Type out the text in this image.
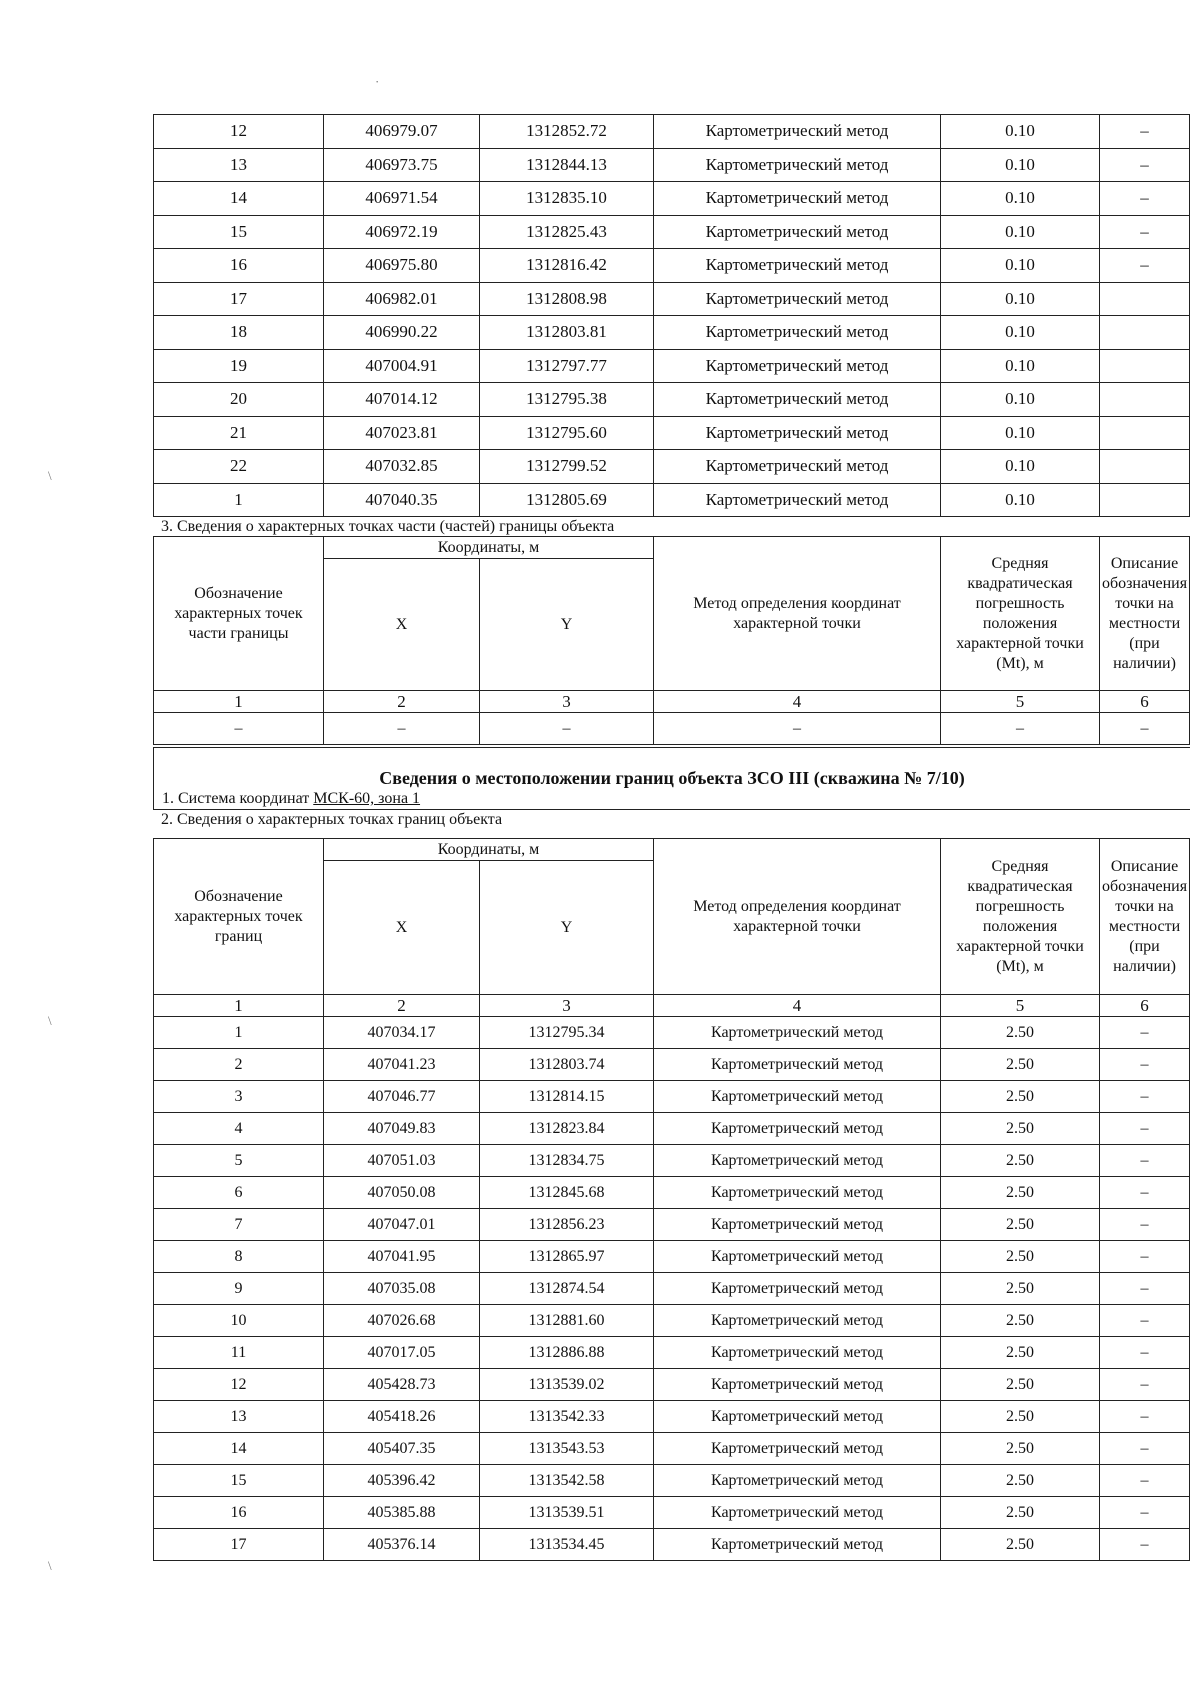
·
\
\
\
12	406979.07	1312852.72	Картометрический метод	0.10	–
13	406973.75	1312844.13	Картометрический метод	0.10	–
14	406971.54	1312835.10	Картометрический метод	0.10	–
15	406972.19	1312825.43	Картометрический метод	0.10	–
16	406975.80	1312816.42	Картометрический метод	0.10	–
17	406982.01	1312808.98	Картометрический метод	0.10	
18	406990.22	1312803.81	Картометрический метод	0.10	
19	407004.91	1312797.77	Картометрический метод	0.10	
20	407014.12	1312795.38	Картометрический метод	0.10	
21	407023.81	1312795.60	Картометрический метод	0.10	
22	407032.85	1312799.52	Картометрический метод	0.10	
1	407040.35	1312805.69	Картометрический метод	0.10	
3. Сведения о характерных точках части (частей) границы объекта
Обозначение характерных точек части границы	Координаты, м		Метод определения координат характерной точки	Средняя квадратическая погрешность положения характерной точки (Mt), м	Описание обозначения точки на местности (при наличии)
	X	Y			
1	2	3	4	5	6
–	–	–	–	–	–
Сведения о местоположении границ объекта ЗСО III (скважина № 7/10)
1. Система координат МСК-60, зона 1
2. Сведения о характерных точках границ объекта
Обозначение характерных точек границ	Координаты, м		Метод определения координат характерной точки	Средняя квадратическая погрешность положения характерной точки (Mt), м	Описание обозначения точки на местности (при наличии)
	X	Y			
1	2	3	4	5	6
1	407034.17	1312795.34	Картометрический метод	2.50	–
2	407041.23	1312803.74	Картометрический метод	2.50	–
3	407046.77	1312814.15	Картометрический метод	2.50	–
4	407049.83	1312823.84	Картометрический метод	2.50	–
5	407051.03	1312834.75	Картометрический метод	2.50	–
6	407050.08	1312845.68	Картометрический метод	2.50	–
7	407047.01	1312856.23	Картометрический метод	2.50	–
8	407041.95	1312865.97	Картометрический метод	2.50	–
9	407035.08	1312874.54	Картометрический метод	2.50	–
10	407026.68	1312881.60	Картометрический метод	2.50	–
11	407017.05	1312886.88	Картометрический метод	2.50	–
12	405428.73	1313539.02	Картометрический метод	2.50	–
13	405418.26	1313542.33	Картометрический метод	2.50	–
14	405407.35	1313543.53	Картометрический метод	2.50	–
15	405396.42	1313542.58	Картометрический метод	2.50	–
16	405385.88	1313539.51	Картометрический метод	2.50	–
17	405376.14	1313534.45	Картометрический метод	2.50	–
